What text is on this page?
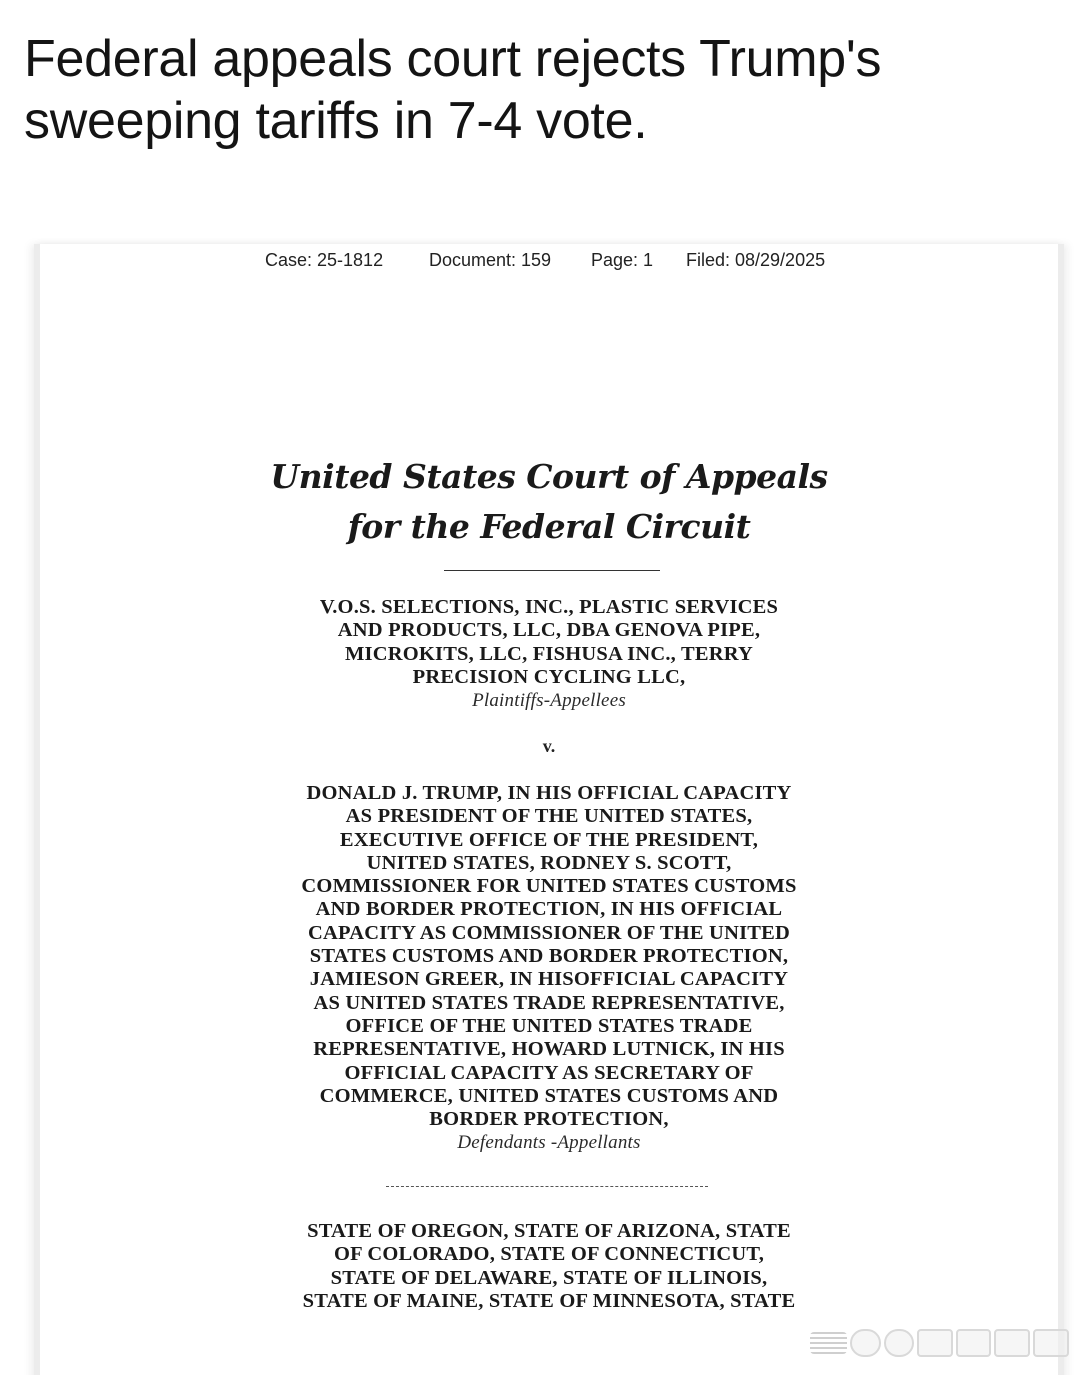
Federal appeals court rejects Trump's sweeping tariffs in 7-4 vote.
Case: 25-1812	Document: 159 Page: 1 Filed: 08/29/2025
United States Court of Appeals
for the Federal Circuit
V.O.S. SELECTIONS, INC., PLASTIC SERVICES
AND PRODUCTS, LLC, DBA GENOVA PIPE,
MICROKITS, LLC, FISHUSA INC., TERRY
PRECISION CYCLING LLC,
Plaintiffs-Appellees
v.
DONALD J. TRUMP, IN HIS OFFICIAL CAPACITY
AS PRESIDENT OF THE UNITED STATES,
EXECUTIVE OFFICE OF THE PRESIDENT,
UNITED STATES, RODNEY S. SCOTT,
COMMISSIONER FOR UNITED STATES CUSTOMS
AND BORDER PROTECTION, IN HIS OFFICIAL
CAPACITY AS COMMISSIONER OF THE UNITED
STATES CUSTOMS AND BORDER PROTECTION,
JAMIESON GREER, IN HISOFFICIAL CAPACITY
AS UNITED STATES TRADE REPRESENTATIVE,
OFFICE OF THE UNITED STATES TRADE
REPRESENTATIVE, HOWARD LUTNICK, IN HIS
OFFICIAL CAPACITY AS SECRETARY OF
COMMERCE, UNITED STATES CUSTOMS AND
BORDER PROTECTION,
Defendants -Appellants
STATE OF OREGON, STATE OF ARIZONA, STATE
OF COLORADO, STATE OF CONNECTICUT,
STATE OF DELAWARE, STATE OF ILLINOIS,
STATE OF MAINE, STATE OF MINNESOTA, STATE
